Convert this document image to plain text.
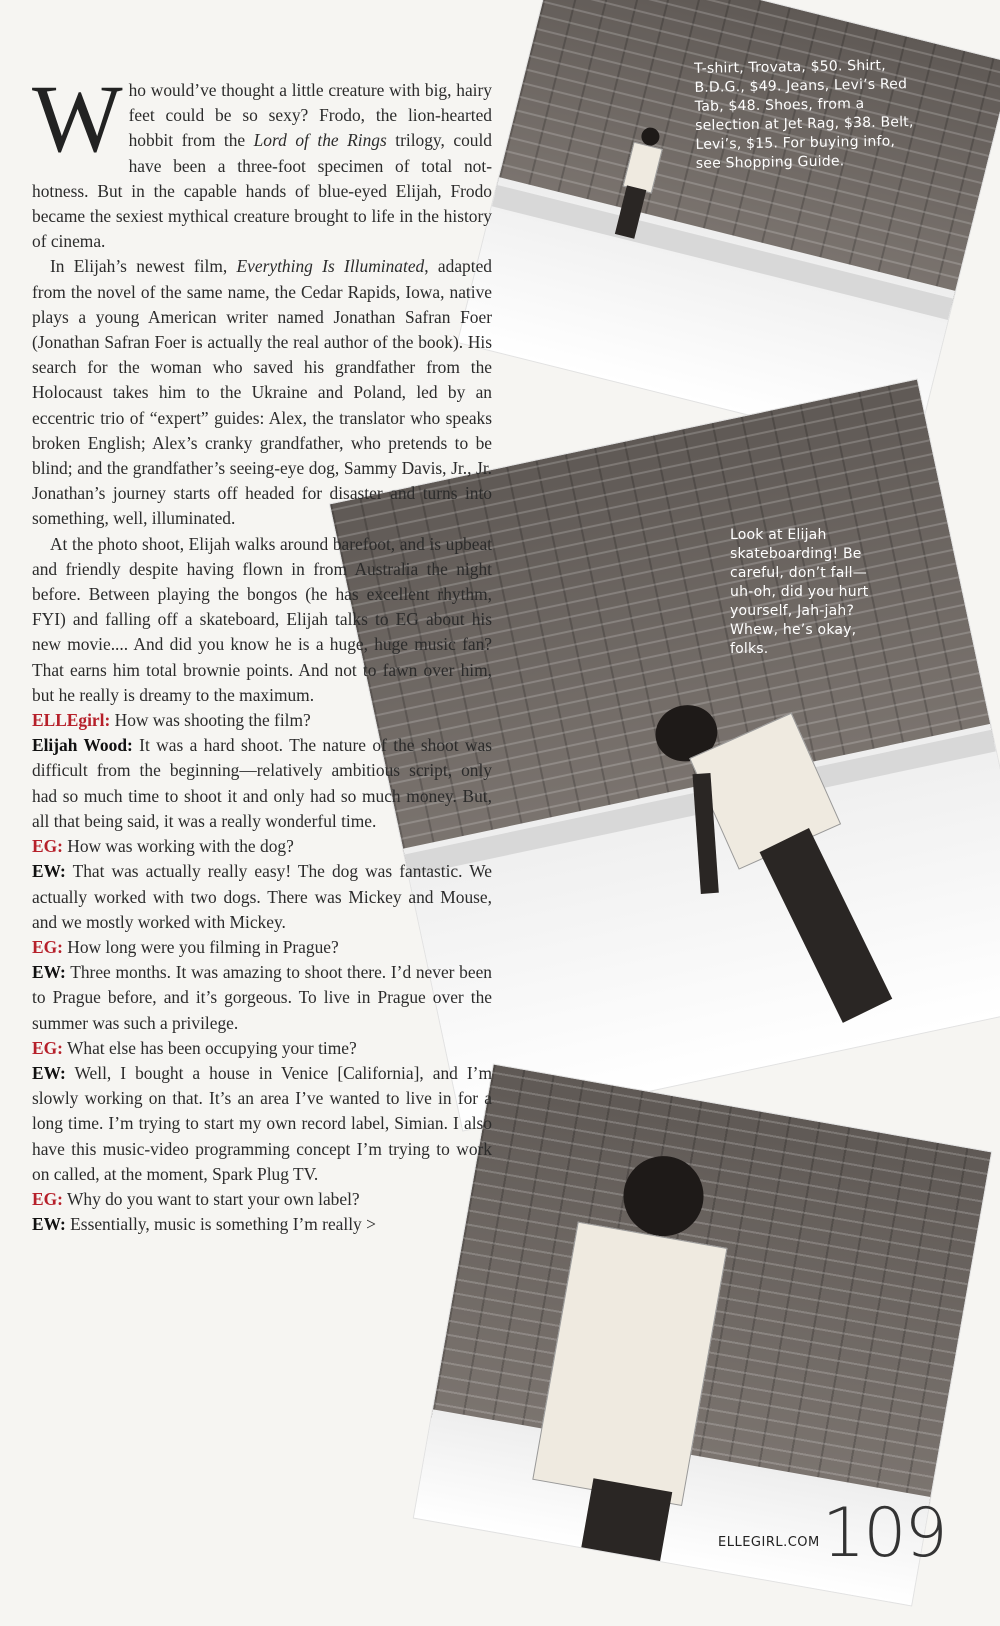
T-shirt, Trovata, $50. Shirt, B.D.G., $49. Jeans, Levi’s Red Tab, $48. Shoes, from a selection at Jet Rag, $38. Belt, Levi’s, $15. For buying info, see Shopping Guide.
Look at Elijah skateboarding! Be careful, don’t fall—uh-oh, did you hurt yourself, Jah-jah? Whew, he’s okay, folks.

Who would’ve thought a little creature with big, hairy feet could be so sexy? Frodo, the lion-hearted hobbit from the Lord of the Rings trilogy, could have been a three-foot specimen of total not-hotness. But in the capable hands of blue-eyed Elijah, Frodo became the sexiest mythical creature brought to life in the history of cinema.

In Elijah’s newest film, Everything Is Illuminated, adapted from the novel of the same name, the Cedar Rapids, Iowa, native plays a young American writer named Jonathan Safran Foer (Jonathan Safran Foer is actually the real author of the book). His search for the woman who saved his grandfather from the Holocaust takes him to the Ukraine and Poland, led by an eccentric trio of “expert” guides: Alex, the translator who speaks broken English; Alex’s cranky grandfather, who pretends to be blind; and the grandfather’s seeing-eye dog, Sammy Davis, Jr., Jr. Jonathan’s journey starts off headed for disaster and turns into something, well, illuminated.

At the photo shoot, Elijah walks around barefoot, and is upbeat and friendly despite having flown in from Australia the night before. Between playing the bongos (he has excellent rhythm, FYI) and falling off a skateboard, Elijah talks to EG about his new movie.... And did you know he is a huge, huge music fan? That earns him total brownie points. And not to fawn over him, but he really is dreamy to the maximum.

ELLEgirl: How was shooting the film?

Elijah Wood: It was a hard shoot. The nature of the shoot was difficult from the beginning—relatively ambitious script, only had so much time to shoot it and only had so much money. But, all that being said, it was a really wonderful time.

EG: How was working with the dog?

EW: That was actually really easy! The dog was fantastic. We actually worked with two dogs. There was Mickey and Mouse, and we mostly worked with Mickey.

EG: How long were you filming in Prague?

EW: Three months. It was amazing to shoot there. I’d never been to Prague before, and it’s gorgeous. To live in Prague over the summer was such a privilege.

EG: What else has been occupying your time?

EW: Well, I bought a house in Venice [California], and I’m slowly working on that. It’s an area I’ve wanted to live in for a long time. I’m trying to start my own record label, Simian. I also have this music-video programming concept I’m trying to work on called, at the moment, Spark Plug TV.

EG: Why do you want to start your own label?

EW: Essentially, music is something I’m really >

ELLEGIRL.COM 109
